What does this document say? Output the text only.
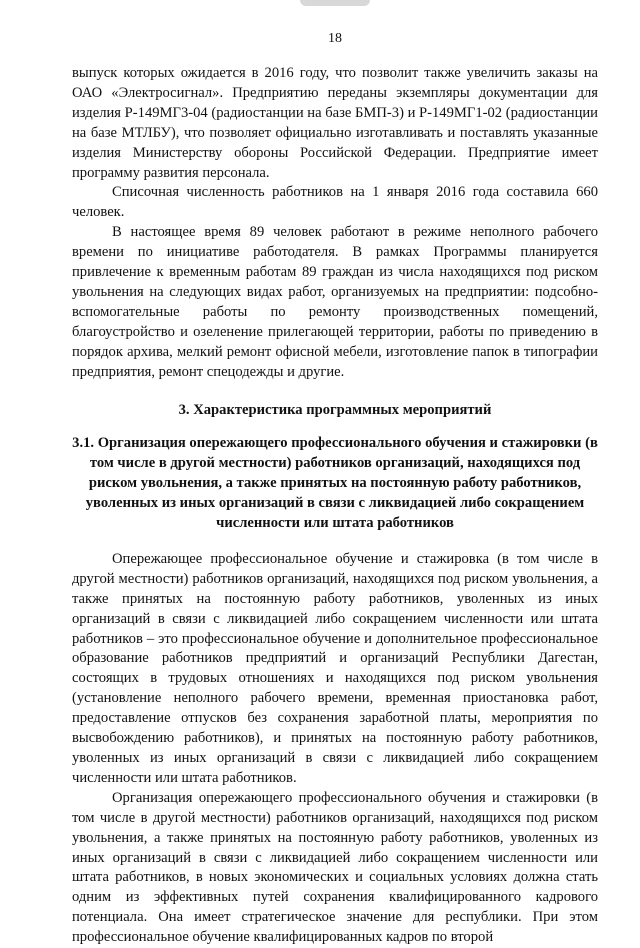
18

выпуск которых ожидается в 2016 году, что позволит также увеличить заказы на ОАО «Электросигнал». Предприятию переданы экземпляры документации для изделия Р-149МГ3-04 (радиостанции на базе БМП-3) и Р-149МГ1-02 (радиостанции на базе МТЛБУ), что позволяет официально изготавливать и поставлять указанные изделия Министерству обороны Российской Федерации. Предприятие имеет программу развития персонала.

Списочная численность работников на 1 января 2016 года составила 660 человек.

В настоящее время 89 человек работают в режиме неполного рабочего времени по инициативе работодателя. В рамках Программы планируется привлечение к временным работам 89 граждан из числа находящихся под риском увольнения на следующих видах работ, организуемых на предприятии: подсобно-вспомогательные работы по ремонту производственных помещений, благоустройство и озеленение прилегающей территории, работы по приведению в порядок архива, мелкий ремонт офисной мебели, изготовление папок в типографии предприятия, ремонт спецодежды и другие.

3. Характеристика программных мероприятий
3.1. Организация опережающего профессионального обучения и стажировки (в том числе в другой местности) работников организаций, находящихся под риском увольнения, а также принятых на постоянную работу работников, уволенных из иных организаций в связи с ликвидацией либо сокращением численности или штата работников

Опережающее профессиональное обучение и стажировка (в том числе в другой местности) работников организаций, находящихся под риском увольнения, а также принятых на постоянную работу работников, уволенных из иных организаций в связи с ликвидацией либо сокращением численности или штата работников – это профессиональное обучение и дополнительное профессиональное образование работников предприятий и организаций Республики Дагестан, состоящих в трудовых отношениях и находящихся под риском увольнения (установление неполного рабочего времени, временная приостановка работ, предоставление отпусков без сохранения заработной платы, мероприятия по высвобождению работников), и принятых на постоянную работу работников, уволенных из иных организаций в связи с ликвидацией либо сокращением численности или штата работников.

Организация опережающего профессионального обучения и стажировки (в том числе в другой местности) работников организаций, находящихся под риском увольнения, а также принятых на постоянную работу работников, уволенных из иных организаций в связи с ликвидацией либо сокращением численности или штата работников, в новых экономических и социальных условиях должна стать одним из эффективных путей сохранения квалифицированного кадрового потенциала. Она имеет стратегическое значение для республики. При этом профессиональное обучение квалифицированных кадров по второй
